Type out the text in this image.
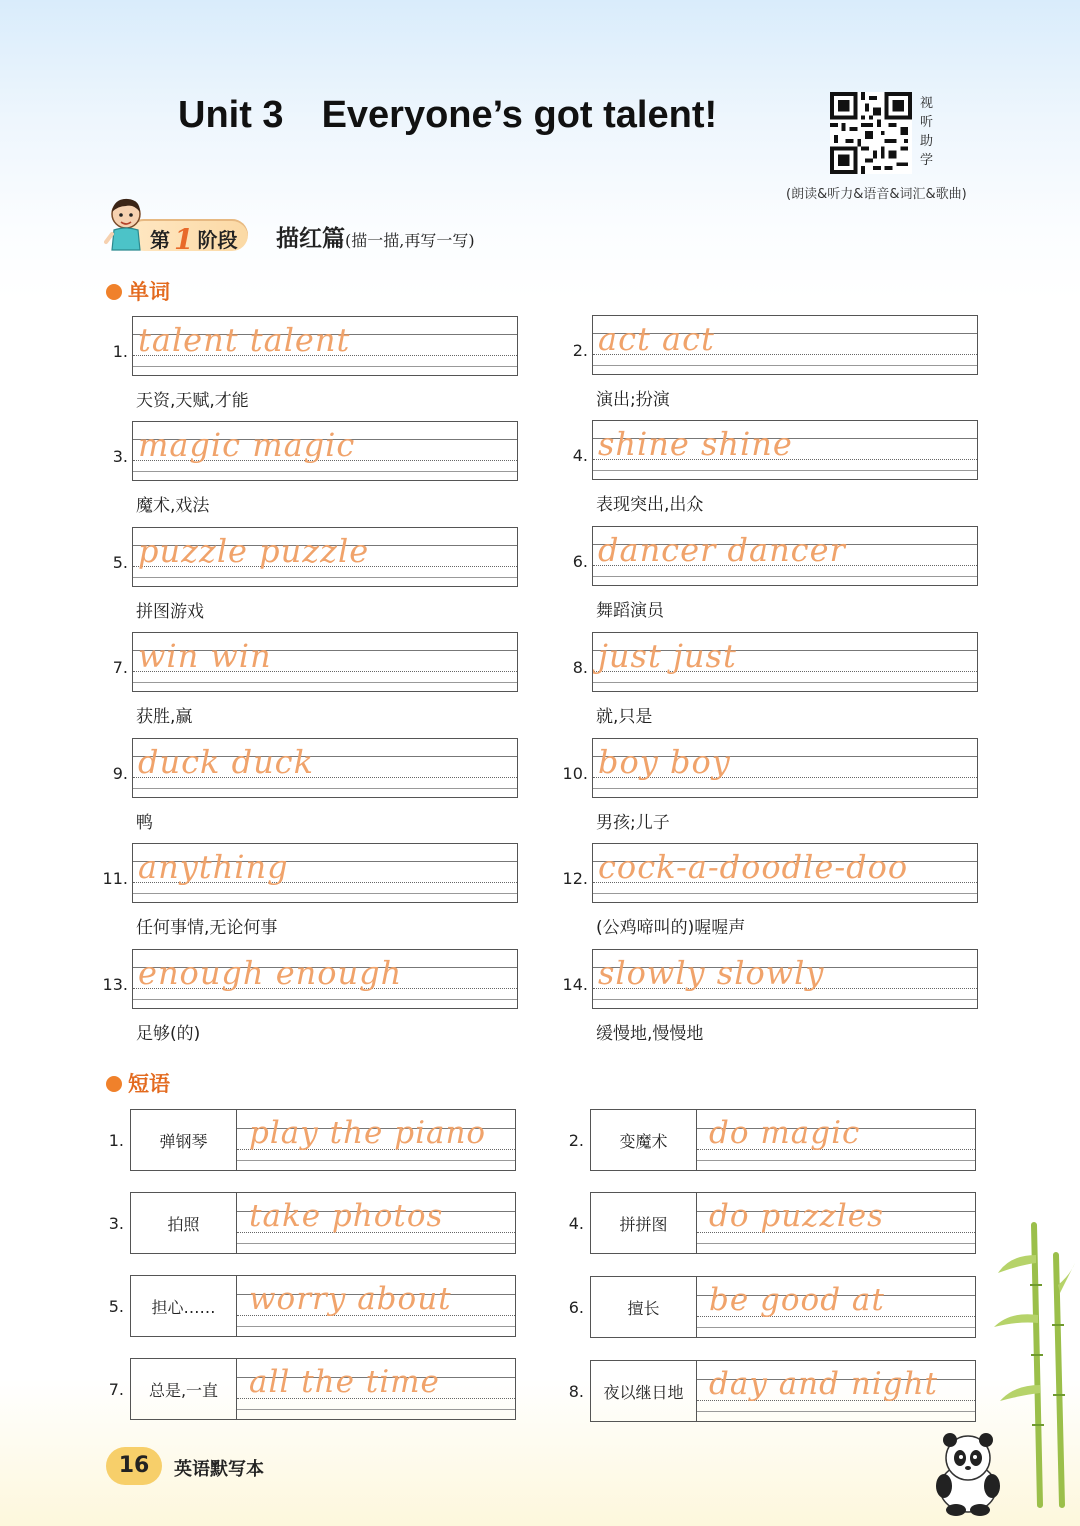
Unit 3 Everyone’s got talent!	视
听
助
学
(朗读&听力&语音&词汇&歌曲)
第 1 阶段 描红篇(描一描,再写一写)
单词
1. talent talent
天资,天赋,才能
2. act act
演出;扮演
3. magic magic
魔术,戏法
4. shine shine
表现突出,出众
5. puzzle puzzle
拼图游戏
6. dancer dancer
舞蹈演员
7. win win
获胜,赢
8. just just
就,只是
9. duck duck
鸭
10. boy boy
男孩;儿子
11. anything
任何事情,无论何事
12. cock-a-doodle-doo
(公鸡啼叫的)喔喔声
13. enough enough
足够(的)
14. slowly slowly
缓慢地,慢慢地
短语
1.	弹钢琴	play the piano	2.	变魔术	do magic
3.	拍照	take photos	4.	拼拼图	do puzzles
5.	担心……	worry about	6.	擅长	be good at
7.	总是,一直 all the time	8.	夜以继日地 day and night
16	英语默写本
